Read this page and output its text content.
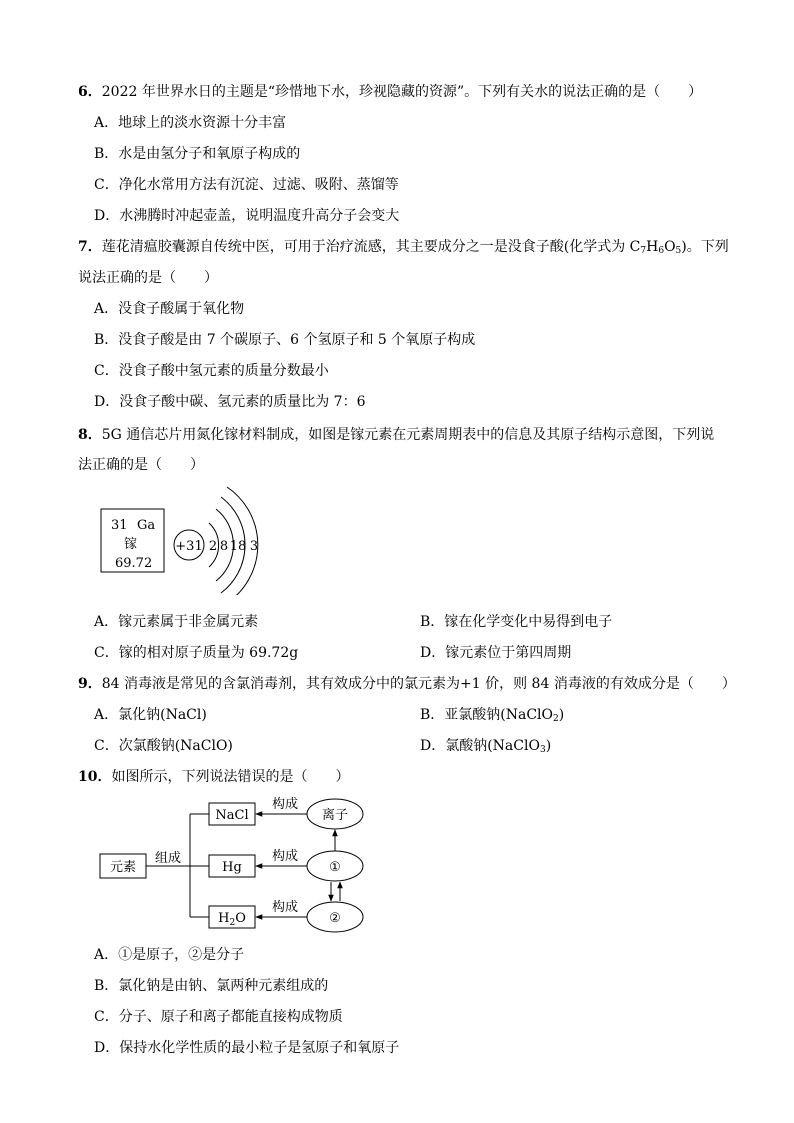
6．2022 年世界水日的主题是“珍惜地下水，珍视隐藏的资源”。下列有关水的说法正确的是（　　）
A．地球上的淡水资源十分丰富
B．水是由氢分子和氧原子构成的
C．净化水常用方法有沉淀、过滤、吸附、蒸馏等
D．水沸腾时冲起壶盖，说明温度升高分子会变大
7．莲花清瘟胶囊源自传统中医，可用于治疗流感，其主要成分之一是没食子酸(化学式为 $C_7H_6O_5$)。下列
说法正确的是（　　）
A．没食子酸属于氧化物
B．没食子酸是由 7 个碳原子、6 个氢原子和 5 个氧原子构成
C．没食子酸中氢元素的质量分数最小
D．没食子酸中碳、氢元素的质量比为 7：6
8．5G 通信芯片用氮化镓材料制成，如图是镓元素在元素周期表中的信息及其原子结构示意图，下列说
法正确的是（　　）
31 Ga
镓
69.72
+31 2 8 18 3
A．镓元素属于非金属元素	B．镓在化学变化中易得到电子
C．镓的相对原子质量为 69.72g	D．镓元素位于第四周期
9．84 消毒液是常见的含氯消毒剂，其有效成分中的氯元素为+1 价，则 84 消毒液的有效成分是（　　）
A．氯化钠(NaCl)	B．亚氯酸钠(NaClO$_2$)
C．次氯酸钠(NaClO)	D．氯酸钠(NaClO$_3$)
10．如图所示，下列说法错误的是（　　）
元素
组成
NaCl
Hg
$H_2O$
构成
构成
构成
离子
①
②
A．①是原子，②是分子
B．氯化钠是由钠、氯两种元素组成的
C．分子、原子和离子都能直接构成物质
D．保持水化学性质的最小粒子是氢原子和氧原子
